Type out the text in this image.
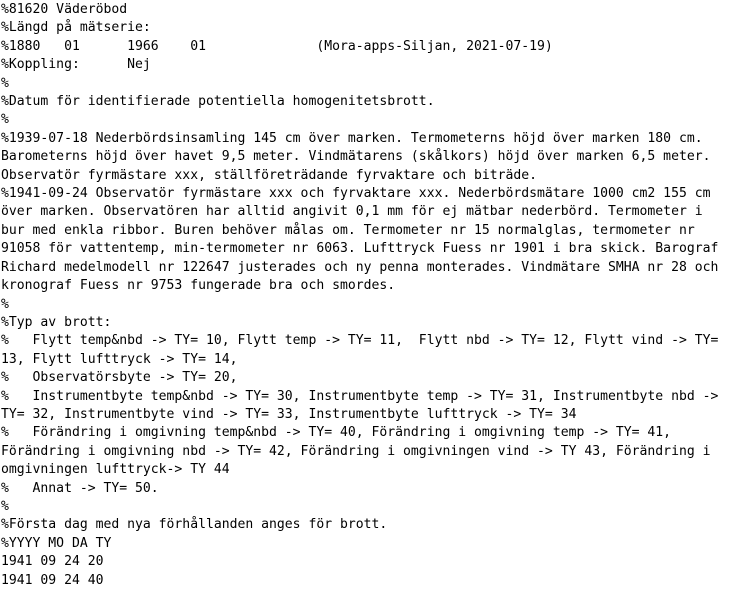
%81620 Väderöbod
%Längd på mätserie:
%1880   01      1966    01              (Mora-apps-Siljan, 2021-07-19)
%Koppling:      Nej
%
%Datum för identifierade potentiella homogenitetsbrott.
%
%1939-07-18 Nederbördsinsamling 145 cm över marken. Termometerns höjd över marken 180 cm. Barometerns höjd över havet 9,5 meter. Vindmätarens (skålkors) höjd över marken 6,5 meter. Observatör fyrmästare xxx, ställföreträdande fyrvaktare och biträde.
%1941-09-24 Observatör fyrmästare xxx och fyrvaktare xxx. Nederbördsmätare 1000 cm2 155 cm över marken. Observatören har alltid angivit 0,1 mm för ej mätbar nederbörd. Termometer i bur med enkla ribbor. Buren behöver målas om. Termometer nr 15 normalglas, termometer nr 91058 för vattentemp, min-termometer nr 6063. Lufttryck Fuess nr 1901 i bra skick. Barograf Richard medelmodell nr 122647 justerades och ny penna monterades. Vindmätare SMHA nr 28 och kronograf Fuess nr 9753 fungerade bra och smordes.
%
%Typ av brott:
%   Flytt temp&nbd -> TY= 10, Flytt temp -> TY= 11,  Flytt nbd -> TY= 12, Flytt vind -> TY= 13, Flytt lufttryck -> TY= 14,
%   Observatörsbyte -> TY= 20,
%   Instrumentbyte temp&nbd -> TY= 30, Instrumentbyte temp -> TY= 31, Instrumentbyte nbd -> TY= 32, Instrumentbyte vind -> TY= 33, Instrumentbyte lufttryck -> TY= 34
%   Förändring i omgivning temp&nbd -> TY= 40, Förändring i omgivning temp -> TY= 41, Förändring i omgivning nbd -> TY= 42, Förändring i omgivningen vind -> TY 43, Förändring i omgivningen lufttryck-> TY 44
%   Annat -> TY= 50.
%
%Första dag med nya förhållanden anges för brott.
%YYYY MO DA TY
1941 09 24 20
1941 09 24 40
